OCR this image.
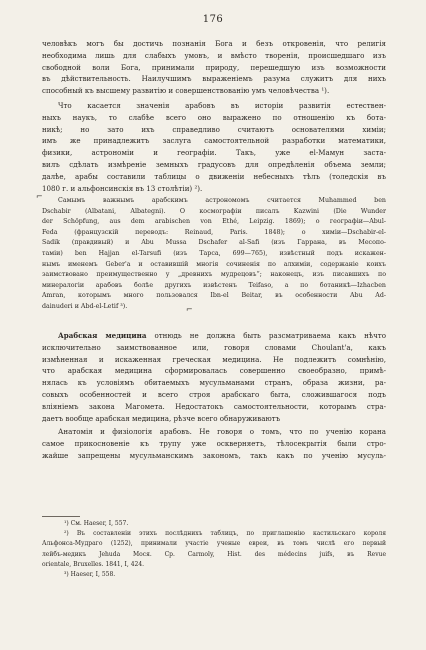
176
человѣкъ могъ бы достичь познанія Бога и безъ откровенія, что религія
необходима лишь для слабыхъ умовъ, и вмѣсто творенія, происшедшаго изъ
свободной воли Бога, принимали природу, перешедшую изъ возможности
въ дѣйствительность. Наилучшимъ выраженіемъ разума служитъ для нихъ
способный къ высшему развитію и совершенствованію умъ человѣчества ¹).
Что касается значенія арабовъ въ исторіи развитія естествен-
ныхъ наукъ, то слабѣе всего оно выражено по отношенію къ бота-
никѣ; но зато ихъ справедливо считаютъ основателями химіи;
имъ же принадлежитъ заслуга самостоятельной разработки математики,
физики, астрономіи и географіи. Такъ, уже el-Мамун заста-
вилъ сдѣлать измѣреніе земныхъ градусовъ для опредѣленія объема земли;
далѣе, арабы составили таблицы о движеніи небесныхъ тѣлъ (толедскія въ
1080 г. и альфонсинскія въ 13 столѣтіи) ²).
Самымъ важнымъ арабскимъ астрономомъ считается Muhammed ben
Dschabir (Albatani, Albategni). О космографіи писалъ Kazwini (Die Wunder
der Schöpfung, aus dem arabischen von Ethé, Leipzig. 1869); о географіи—Abul-
Feda (французскій переводъ: Reinaud, Paris. 1848); о химіи—Dschabir-el-
Sadik (правдивый) и Abu Mussa Dschafer al-Safi (изъ Гаррана, въ Месопо-
таміи) ben Hajjan el-Tarsufi (изъ Тарса, 699—765), извѣстный подъ искажен-
нымъ именемъ Geber'a и оставившій многія сочиненія по алхиміи, содержаніе коихъ
заимствовано преимущественно у „древнихъ мудрецовъ“; наконецъ, изъ писавшихъ по
минералогіи арабовъ болѣе другихъ извѣстенъ Teifaso, а по ботаникѣ—Izhaсben
Amran, которымъ много пользовался Ibn-el Beitar, въ особенности Abu Ad-
dainuderi и Abd-el-Letif ³).
⌐
⌐
Арабская медицина отнюдь не должна быть разсматриваема какъ нѣчто
исключительно заимствованное или, говоря словами Choulant'a, какъ
измѣненная и искаженная греческая медицина. Не подлежитъ сомнѣнію,
что арабская медицина сформировалась совершенно своеобразно, примѣ-
нялась къ условіямъ обитаемыхъ мусульманами странъ, образа жизни, ра-
совыхъ особенностей и всего строя арабскаго быта, сложившагося подъ
вліяніемъ закона Магомета. Недостатокъ самостоятельности, которымъ стра-
даетъ вообще арабская медицина, рѣзче всего обнаруживаютъ
Анатомія и физіологія арабовъ. Не говоря о томъ, что по ученію корана
самое прикосновеніе къ трупу уже оскверняетъ, тѣлосекрытія были стро-
жайше запрещены мусульманскимъ закономъ, такъ какъ по ученію мусуль-
¹) См. Haeser, I, 557.
²) Въ составленіи этихъ послѣднихъ таблицъ, по приглашенію кастильскаго короля
Альфонса-Мудраго (1252), принимали участіе ученые евреи, въ томъ числѣ его первый
лейбъ-медикъ Jehuda Мося. Ср. Carmoly, Hist. des médecins juifs, въ Revue
orientale, Bruxelles. 1841, I, 424.
³) Haeser, I, 558.
